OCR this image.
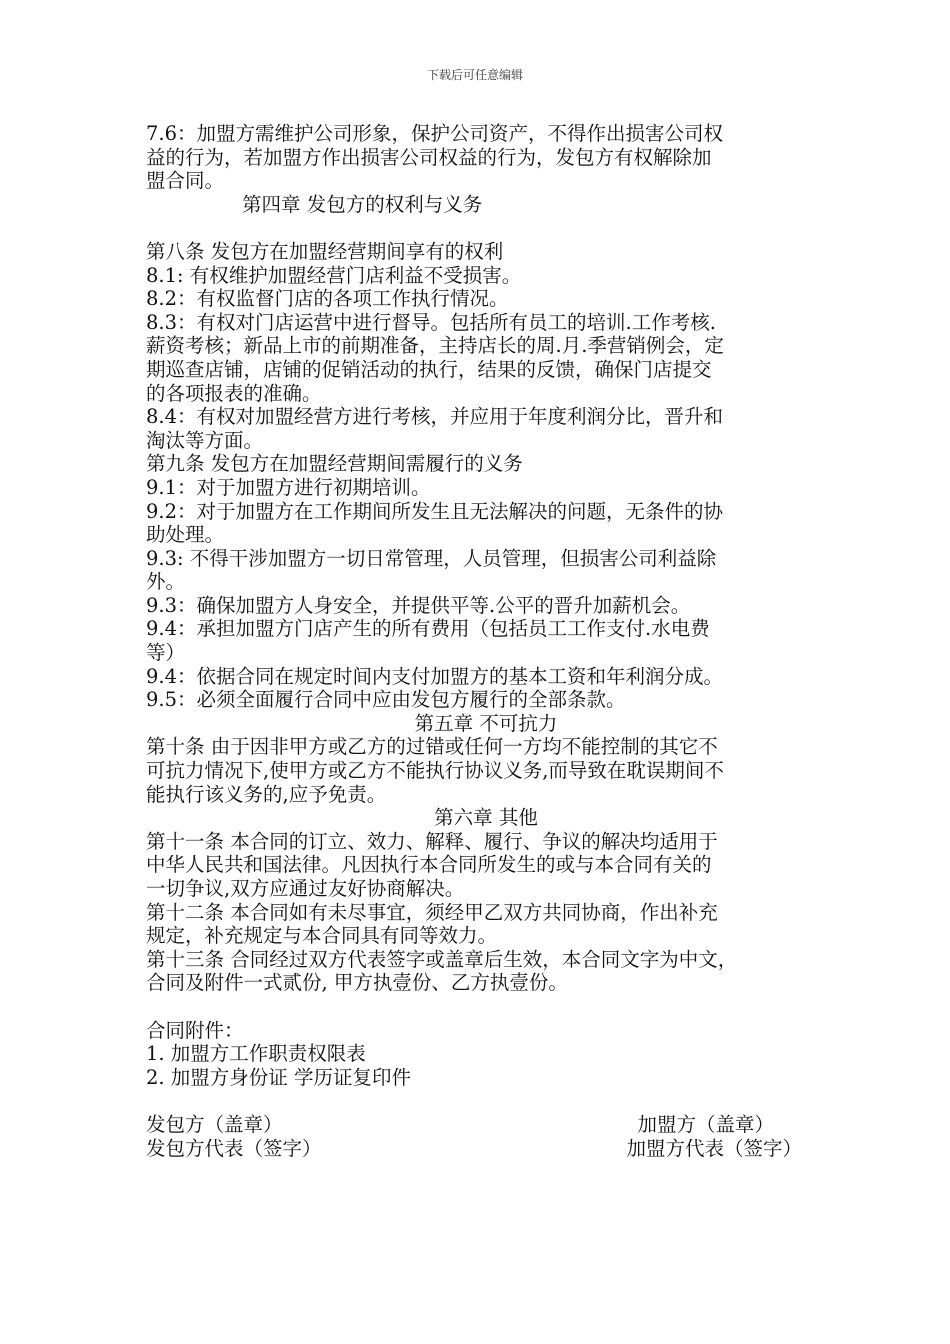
下载后可任意编辑
7.6：加盟方需维护公司形象，保护公司资产，不得作出损害公司权
益的行为，若加盟方作出损害公司权益的行为，发包方有权解除加
盟合同。
第四章 发包方的权利与义务
第八条 发包方在加盟经营期间享有的权利
8.1: 有权维护加盟经营门店利益不受损害。
8.2：有权监督门店的各项工作执行情况。
8.3：有权对门店运营中进行督导。包括所有员工的培训.工作考核.
薪资考核；新品上市的前期准备，主持店长的周.月.季营销例会，定
期巡查店铺，店铺的促销活动的执行，结果的反馈，确保门店提交
的各项报表的准确。
8.4：有权对加盟经营方进行考核，并应用于年度利润分比，晋升和
淘汰等方面。
第九条 发包方在加盟经营期间需履行的义务
9.1：对于加盟方进行初期培训。
9.2：对于加盟方在工作期间所发生且无法解决的问题，无条件的协
助处理。
9.3: 不得干涉加盟方一切日常管理，人员管理，但损害公司利益除
外。
9.3：确保加盟方人身安全，并提供平等.公平的晋升加薪机会。
9.4：承担加盟方门店产生的所有费用（包括员工工作支付.水电费
等）
9.4：依据合同在规定时间内支付加盟方的基本工资和年利润分成。
9.5：必须全面履行合同中应由发包方履行的全部条款。
第五章 不可抗力
第十条 由于因非甲方或乙方的过错或任何一方均不能控制的其它不
可抗力情况下,使甲方或乙方不能执行协议义务,而导致在耽误期间不
能执行该义务的,应予免责。
第六章 其他
第十一条 本合同的订立、效力、解释、履行、争议的解决均适用于
中华人民共和国法律。凡因执行本合同所发生的或与本合同有关的
一切争议,双方应通过友好协商解决。
第十二条 本合同如有未尽事宜，须经甲乙双方共同协商，作出补充
规定，补充规定与本合同具有同等效力。
第十三条 合同经过双方代表签字或盖章后生效，本合同文字为中文，
合同及附件一式贰份, 甲方执壹份、乙方执壹份。
合同附件：
1. 加盟方工作职责权限表
2. 加盟方身份证 学历证复印件
发包方（盖章）	加盟方（盖章）
发包方代表（签字）	加盟方代表（签字）
